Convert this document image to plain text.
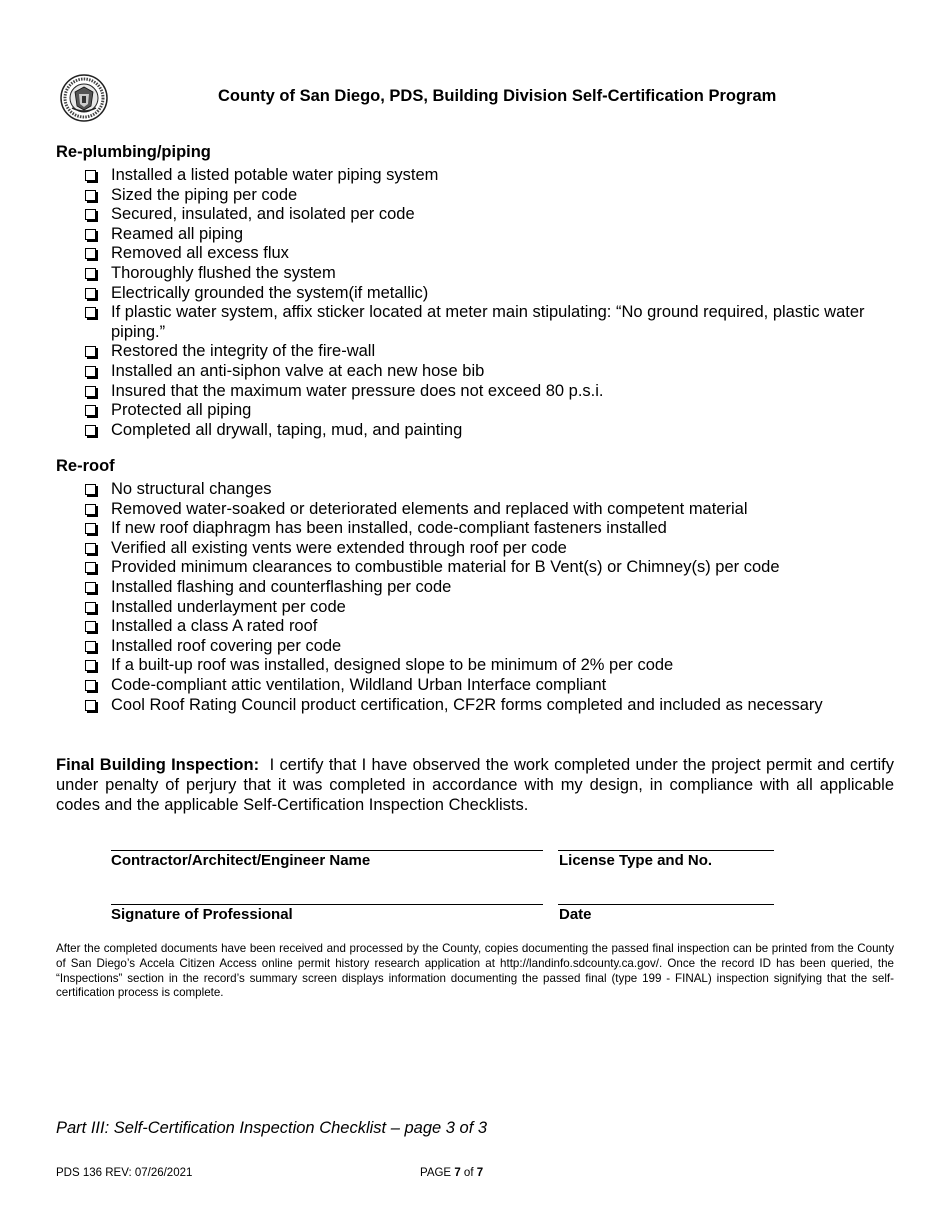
County of San Diego, PDS, Building Division Self-Certification Program
Re-plumbing/piping
Installed a listed potable water piping system
Sized the piping per code
Secured, insulated, and isolated per code
Reamed all piping
Removed all excess flux
Thoroughly flushed the system
Electrically grounded the system(if metallic)
If plastic water system, affix sticker located at meter main stipulating: “No ground required, plastic water piping.”
Restored the integrity of the fire-wall
Installed an anti-siphon valve at each new hose bib
Insured that the maximum water pressure does not exceed 80 p.s.i.
Protected all piping
Completed all drywall, taping, mud, and painting
Re-roof
No structural changes
Removed water-soaked or deteriorated elements and replaced with competent material
If new roof diaphragm has been installed, code-compliant fasteners installed
Verified all existing vents were extended through roof per code
Provided minimum clearances to combustible material for B Vent(s) or Chimney(s) per code
Installed flashing and counterflashing per code
Installed underlayment per code
Installed a class A rated roof
Installed roof covering per code
If a built-up roof was installed, designed slope to be minimum of 2% per code
Code-compliant attic ventilation, Wildland Urban Interface compliant
Cool Roof Rating Council product certification, CF2R forms completed and included as necessary
Final Building Inspection: I certify that I have observed the work completed under the project permit and certify under penalty of perjury that it was completed in accordance with my design, in compliance with all applicable codes and the applicable Self-Certification Inspection Checklists.
Contractor/Architect/Engineer Name	License Type and No.
Signature of Professional	Date
After the completed documents have been received and processed by the County, copies documenting the passed final inspection can be printed from the County of San Diego’s Accela Citizen Access online permit history research application at http://landinfo.sdcounty.ca.gov/. Once the record ID has been queried, the “Inspections” section in the record’s summary screen displays information documenting the passed final (type 199 - FINAL) inspection signifying that the self-certification process is complete.
Part III: Self-Certification Inspection Checklist – page 3 of 3
PDS 136 REV: 07/26/2021	PAGE 7 of 7
